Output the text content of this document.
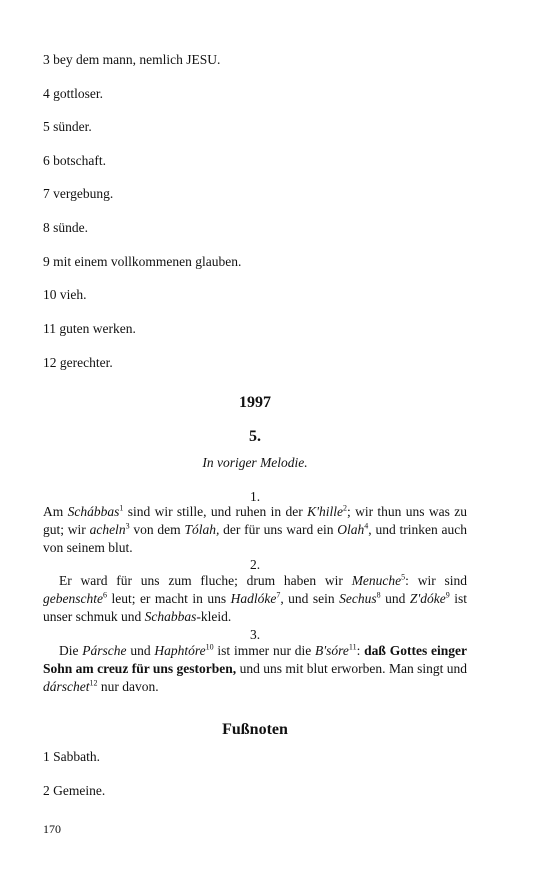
3 bey dem mann, nemlich JESU.
4 gottloser.
5 sünder.
6 botschaft.
7 vergebung.
8 sünde.
9 mit einem vollkommenen glauben.
10 vieh.
11 guten werken.
12 gerechter.
1997
5.
In voriger Melodie.
1.
Am Schábbas$^1$ sind wir stille, und ruhen in der K'hille$^2$; wir thun uns was zu gut; wir acheln$^3$ von dem Tólah, der für uns ward ein Olah$^4$, und trinken auch von seinem blut.
2.
Er ward für uns zum fluche; drum haben wir Menuche$^5$: wir sind gebenschte$^6$ leut; er macht in uns Hadlóke$^7$, und sein Sechus$^8$ und Z'dóke$^9$ ist unser schmuk und Schabbas-kleid.
3.
Die Pársche und Haphtóre$^{10}$ ist immer nur die B'sóre$^{11}$: daß Gottes einger Sohn am creuz für uns gestorben, und uns mit blut erworben. Man singt und dárschet$^{12}$ nur davon.
Fußnoten
1 Sabbath.
2 Gemeine.
170
